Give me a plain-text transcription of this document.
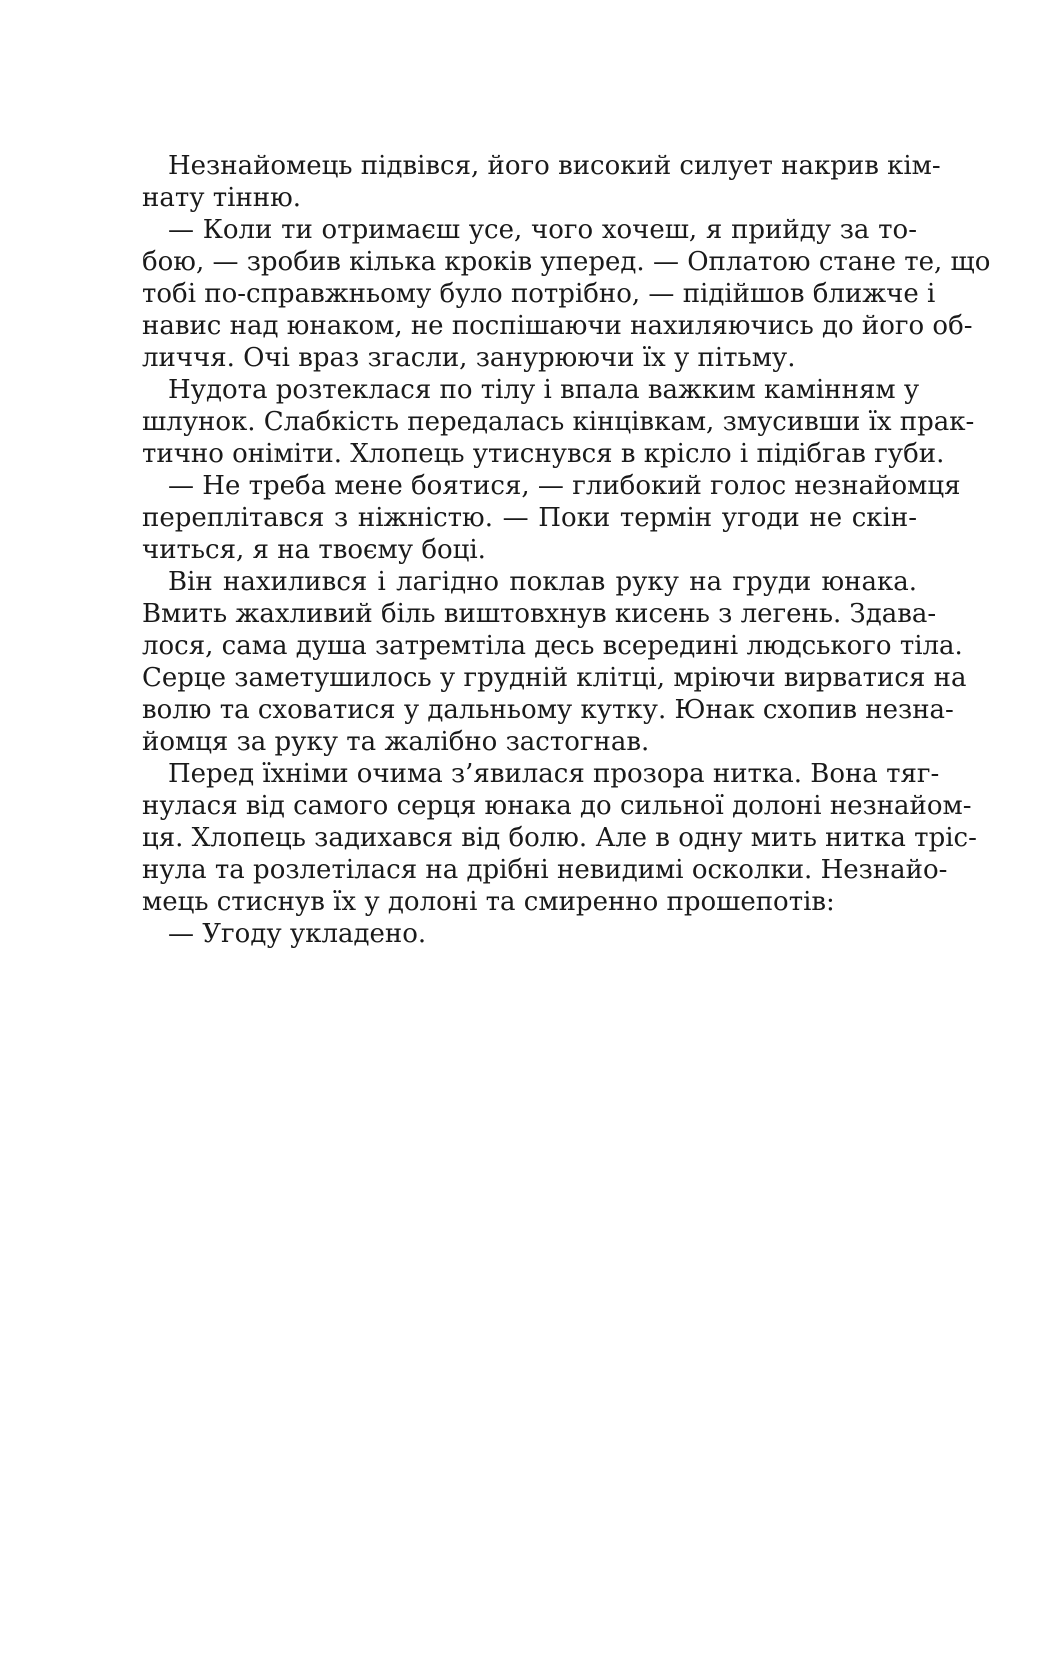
Незнайомець підвівся, його високий силует накрив кім-
нату тінню.
— Коли ти отримаєш усе, чого хочеш, я прийду за то-
бою, — зробив кілька кроків уперед. — Оплатою стане те, що
тобі по-справжньому було потрібно, — підійшов ближче і
навис над юнаком, не поспішаючи нахиляючись до його об-
личчя. Очі враз згасли, занурюючи їх у пітьму.
Нудота розтеклася по тілу і впала важким камінням у
шлунок. Слабкість передалась кінцівкам, змусивши їх прак-
тично оніміти. Хлопець утиснувся в крісло і підібгав губи.
— Не треба мене боятися, — глибокий голос незнайомця
переплітався з ніжністю. — Поки термін угоди не скін-
читься, я на твоєму боці.
Він нахилився і лагідно поклав руку на груди юнака.
Вмить жахливий біль виштовхнув кисень з легень. Здава-
лося, сама душа затремтіла десь всередині людського тіла.
Серце заметушилось у грудній клітці, мріючи вирватися на
волю та сховатися у дальньому кутку. Юнак схопив незна-
йомця за руку та жалібно застогнав.
Перед їхніми очима з’явилася прозора нитка. Вона тяг-
нулася від самого серця юнака до сильної долоні незнайом-
ця. Хлопець задихався від болю. Але в одну мить нитка тріс-
нула та розлетілася на дрібні невидимі осколки. Незнайо-
мець стиснув їх у долоні та смиренно прошепотів:
— Угоду укладено.
